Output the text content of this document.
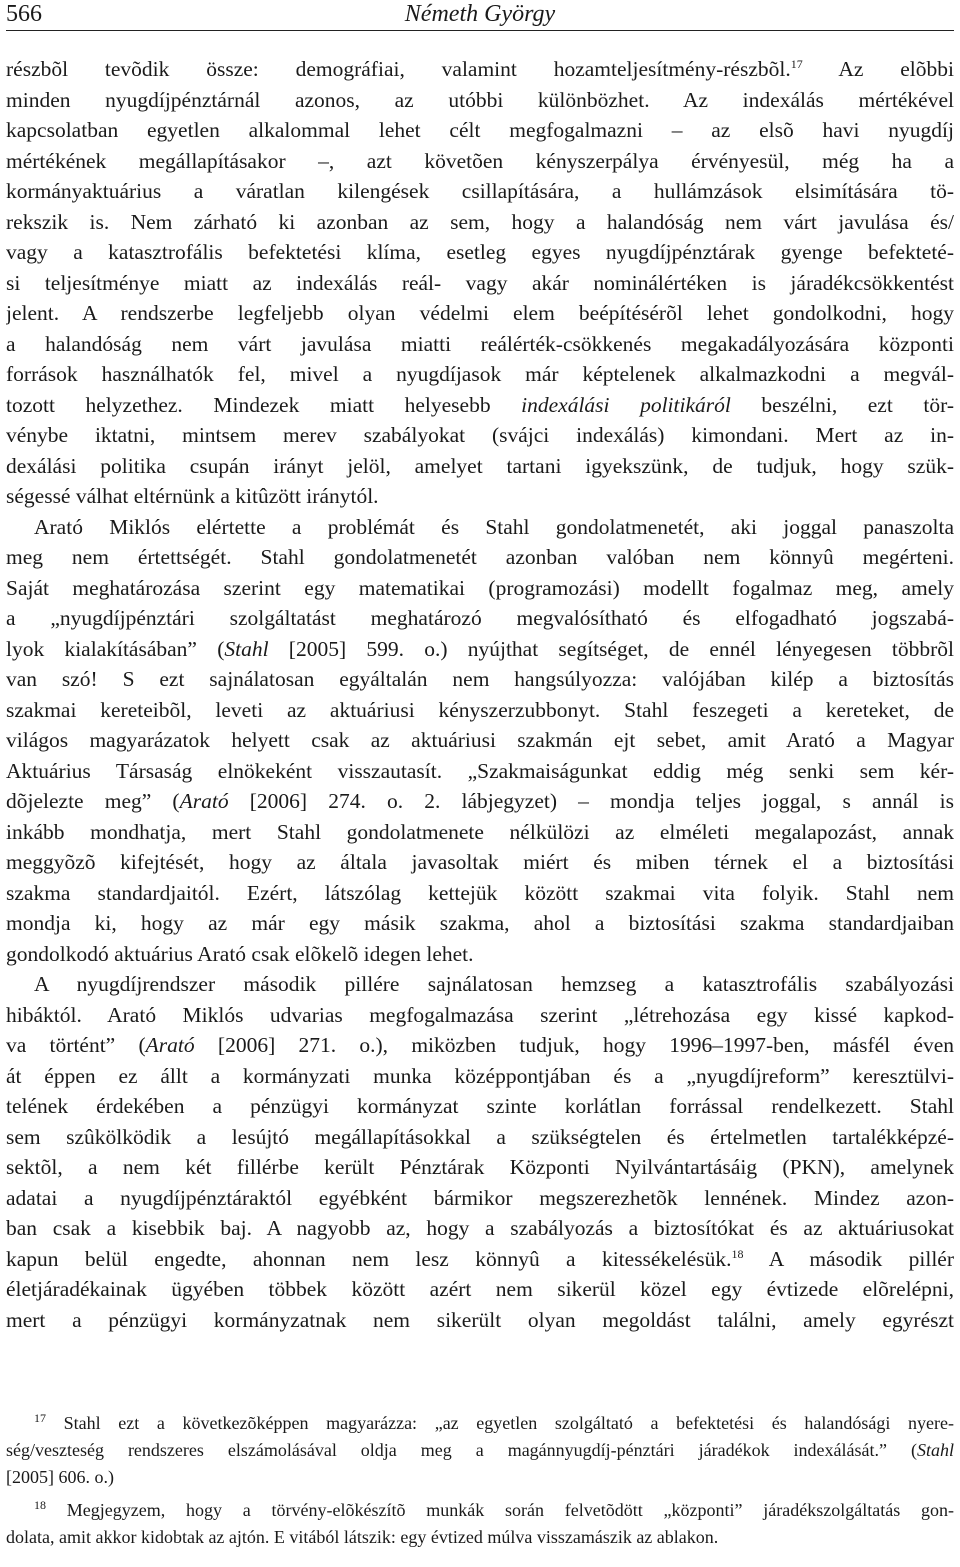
566	Németh György
részbõl tevõdik össze: demográfiai, valamint hozamteljesítmény-részbõl.$^{17}$ Az elõbbi
minden nyugdíjpénztárnál azonos, az utóbbi különbözhet. Az indexálás mértékével
kapcsolatban egyetlen alkalommal lehet célt megfogalmazni – az elsõ havi nyugdíj
mértékének megállapításakor –, azt követõen kényszerpálya érvényesül, még ha a
kormányaktuárius a váratlan kilengések csillapítására, a hullámzások elsimítására tö-
rekszik is. Nem zárható ki azonban az sem, hogy a halandóság nem várt javulása és/
vagy a katasztrofális befektetési klíma, esetleg egyes nyugdíjpénztárak gyenge befekteté-
si teljesítménye miatt az indexálás reál- vagy akár nominálértéken is járadékcsökkentést
jelent. A rendszerbe legfeljebb olyan védelmi elem beépítésérõl lehet gondolkodni, hogy
a halandóság nem várt javulása miatti reálérték-csökkenés megakadályozására központi
források használhatók fel, mivel a nyugdíjasok már képtelenek alkalmazkodni a megvál-
tozott helyzethez. Mindezek miatt helyesebb indexálási politikáról beszélni, ezt tör-
vénybe iktatni, mintsem merev szabályokat (svájci indexálás) kimondani. Mert az in-
dexálási politika csupán irányt jelöl, amelyet tartani igyekszünk, de tudjuk, hogy szük-
ségessé válhat eltérnünk a kitûzött iránytól.
Arató Miklós elértette a problémát és Stahl gondolatmenetét, aki joggal panaszolta
meg nem értettségét. Stahl gondolatmenetét azonban valóban nem könnyû megérteni.
Saját meghatározása szerint egy matematikai (programozási) modellt fogalmaz meg, amely
a „nyugdíjpénztári szolgáltatást meghatározó megvalósítható és elfogadható jogszabá-
lyok kialakításában” (Stahl [2005] 599. o.) nyújthat segítséget, de ennél lényegesen többrõl
van szó! S ezt sajnálatosan egyáltalán nem hangsúlyozza: valójában kilép a biztosítás
szakmai kereteibõl, leveti az aktuáriusi kényszerzubbonyt. Stahl feszegeti a kereteket, de
világos magyarázatok helyett csak az aktuáriusi szakmán ejt sebet, amit Arató a Magyar
Aktuárius Társaság elnökeként visszautasít. „Szakmaiságunkat eddig még senki sem kér-
dõjelezte meg” (Arató [2006] 274. o. 2. lábjegyzet) – mondja teljes joggal, s annál is
inkább mondhatja, mert Stahl gondolatmenete nélkülözi az elméleti megalapozást, annak
meggyõzõ kifejtését, hogy az általa javasoltak miért és miben térnek el a biztosítási
szakma standardjaitól. Ezért, látszólag kettejük között szakmai vita folyik. Stahl nem
mondja ki, hogy az már egy másik szakma, ahol a biztosítási szakma standardjaiban
gondolkodó aktuárius Arató csak elõkelõ idegen lehet.
A nyugdíjrendszer második pillére sajnálatosan hemzseg a katasztrofális szabályozási
hibáktól. Arató Miklós udvarias megfogalmazása szerint „létrehozása egy kissé kapkod-
va történt” (Arató [2006] 271. o.), miközben tudjuk, hogy 1996–1997-ben, másfél éven
át éppen ez állt a kormányzati munka középpontjában és a „nyugdíjreform” keresztülvi-
telének érdekében a pénzügyi kormányzat szinte korlátlan forrással rendelkezett. Stahl
sem szûkölködik a lesújtó megállapításokkal a szükségtelen és értelmetlen tartalékképzé-
sektõl, a nem két fillérbe került Pénztárak Központi Nyilvántartásáig (PKN), amelynek
adatai a nyugdíjpénztáraktól egyébként bármikor megszerezhetõk lennének. Mindez azon-
ban csak a kisebbik baj. A nagyobb az, hogy a szabályozás a biztosítókat és az aktuáriusokat
kapun belül engedte, ahonnan nem lesz könnyû a kitessékelésük.$^{18}$ A második pillér
életjáradékainak ügyében többek között azért nem sikerül közel egy évtizede elõrelépni,
mert a pénzügyi kormányzatnak nem sikerült olyan megoldást találni, amely egyrészt
$^{17}$ Stahl ezt a következõképpen magyarázza: „az egyetlen szolgáltató a befektetési és halandósági nyere-
ség/veszteség rendszeres elszámolásával oldja meg a magánnyugdíj-pénztári járadékok indexálását.” (Stahl
[2005] 606. o.)
$^{18}$ Megjegyzem, hogy a törvény-elõkészítõ munkák során felvetõdött „központi” járadékszolgáltatás gon-
dolata, amit akkor kidobtak az ajtón. E vitából látszik: egy évtized múlva visszamászik az ablakon.
